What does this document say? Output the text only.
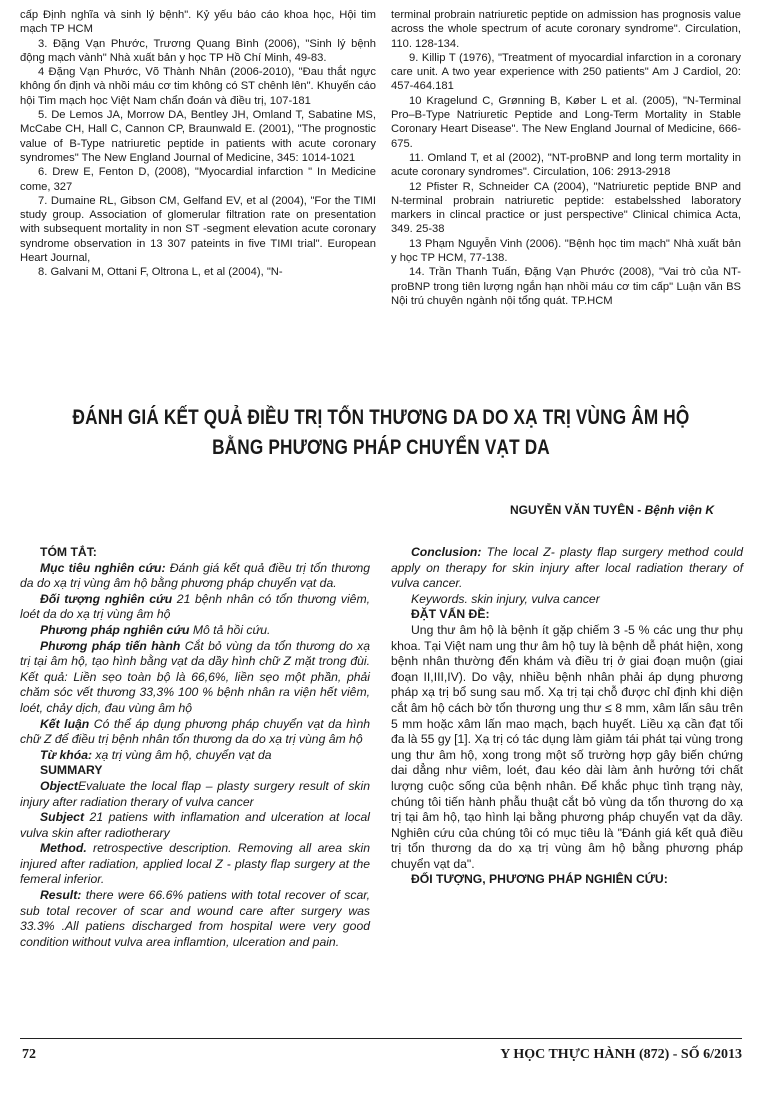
cấp Định nghĩa và sinh lý bệnh". Kỷ yếu báo cáo khoa học, Hội tim mạch TP HCM

3. Đặng Vạn Phước, Trương Quang Bình (2006), "Sinh lý bệnh động mạch vành" Nhà xuất bản y học TP Hồ Chí Minh, 49-83.

4 Đặng Vạn Phước, Võ Thành Nhân (2006-2010), "Đau thắt ngực không ổn định và nhồi máu cơ tim không có ST chênh lên". Khuyến cáo hội Tim mạch học Việt Nam chẩn đoán và điều trị, 107-181

5. De Lemos JA, Morrow DA, Bentley JH, Omland T, Sabatine MS, McCabe CH, Hall C, Cannon CP, Braunwald E. (2001), "The prognostic value of B-Type natriuretic peptide in patients with acute coronary syndromes" The New England Journal of Medicine, 345: 1014-1021

6. Drew E, Fenton D, (2008), "Myocardial infarction " In Medicine come, 327

7. Dumaine RL, Gibson CM, Gelfand EV, et al (2004), "For the TIMI study group. Association of glomerular filtration rate on presentation with subsequent mortality in non ST -segment elevation acute coronary syndrome observation in 13 307 pateints in five TIMI trial". European Heart Journal,

8. Galvani M, Ottani F, Oltrona L, et al (2004), "N-

terminal probrain natriuretic peptide on admission has prognosis value across the whole spectrum of acute coronary syndrome". Circulation, 110. 128-134.

9. Killip T (1976), "Treatment of myocardial infarction in a coronary care unit. A two year experience with 250 patients" Am J Cardiol, 20: 457-464.181

10 Kragelund C, Grønning B, Køber L et al. (2005), "N-Terminal Pro–B-Type Natriuretic Peptide and Long-Term Mortality in Stable Coronary Heart Disease". The New England Journal of Medicine, 666-675.

11. Omland T, et al (2002), "NT-proBNP and long term mortality in acute coronary syndromes". Circulation, 106: 2913-2918

12 Pfister R, Schneider CA (2004), "Natriuretic peptide BNP and N-terminal probrain natriuretic peptide: estabelsshed laboratory markers in clincal practice or just perspective" Clinical chimica Acta, 349. 25-38

13 Phạm Nguyễn Vinh (2006). "Bệnh học tim mạch" Nhà xuất bản y học TP HCM, 77-138.

14. Trần Thanh Tuấn, Đặng Vạn Phước (2008), "Vai trò của NT-proBNP trong tiên lượng ngắn hạn nhồi máu cơ tim cấp" Luận văn BS Nội trú chuyên ngành nội tổng quát. TP.HCM

ĐÁNH GIÁ KẾT QUẢ ĐIỀU TRỊ TỔN THƯƠNG DA DO XẠ TRỊ VÙNG ÂM HỘ
BẰNG PHƯƠNG PHÁP CHUYỂN VẠT DA
NGUYỄN VĂN TUYÊN - Bệnh viện K

TÓM TẮT:

Mục tiêu nghiên cứu: Đánh giá kết quả điều trị tổn thương da do xạ trị vùng âm hộ bằng phương pháp chuyển vạt da.

Đối tượng nghiên cứu 21 bệnh nhân có tổn thương viêm, loét da do xạ trị vùng âm hộ

Phương pháp nghiên cứu Mô tả hồi cứu.

Phương pháp tiến hành Cắt bỏ vùng da tổn thương do xạ trị tại âm hộ, tạo hình bằng vạt da dầy hình chữ Z mặt trong đùi. Kết quả: Liền sẹo toàn bộ là 66,6%, liền sẹo một phần, phải chăm sóc vết thương 33,3% 100 % bệnh nhân ra viện hết viêm, loét, chảy dịch, đau vùng âm hộ

Kết luận Có thể áp dụng phương pháp chuyển vạt da hình chữ Z để điều trị bệnh nhân tổn thương da do xạ trị vùng âm hộ

Từ khóa: xạ trị vùng âm hộ, chuyển vạt da

SUMMARY

ObjectEvaluate the local flap – plasty surgery result of skin injury after radiation therary of vulva cancer

Subject 21 patiens with inflamation and ulceration at local vulva skin after radiotherary

Method. retrospective description. Removing all area skin injured after radiation, applied local Z - plasty flap surgery at the femeral inferior.

Result: there were 66.6% patiens with total recover of scar, sub total recover of scar and wound care after surgery was 33.3% .All patiens discharged from hospital were very good condition without vulva area inflamtion, ulceration and pain.

Conclusion: The local Z- plasty flap surgery method could apply on therapy for skin injury after local radiation therary of vulva cancer.

Keywords. skin injury, vulva cancer

ĐẶT VẤN ĐỀ:

Ung thư âm hộ là bệnh ít gặp chiếm 3 -5 % các ung thư phụ khoa. Tại Việt nam ung thư âm hộ tuy là bệnh dễ phát hiện, xong bệnh nhân thường đến khám và điều trị ở giai đoạn muộn (giai đoạn II,III,IV). Do vậy, nhiều bệnh nhân phải áp dụng phương pháp xạ trị bổ sung sau mổ. Xạ trị tại chỗ được chỉ định khi diện cắt âm hộ cách bờ tổn thương ung thư ≤ 8 mm, xâm lấn sâu trên 5 mm hoặc xâm lấn mao mạch, bạch huyết. Liều xạ cần đạt tối đa là 55 gy [1]. Xạ trị có tác dụng làm giảm tái phát tại vùng trong ung thư âm hộ, xong trong một số trường hợp gây biến chứng dai dẳng như viêm, loét, đau kéo dài làm ảnh hưởng tới chất lượng cuộc sống của bệnh nhân. Để khắc phục tình trạng này, chúng tôi tiến hành phẫu thuật cắt bỏ vùng da tổn thương do xạ trị tại âm hộ, tạo hình lại bằng phương pháp chuyển vạt da dầy. Nghiên cứu của chúng tôi có mục tiêu là "Đánh giá kết quả điều trị tổn thương da do xạ trị vùng âm hộ bằng phương pháp chuyển vạt da".

ĐỐI TƯỢNG, PHƯƠNG PHÁP NGHIÊN CỨU:

72	Y HỌC THỰC HÀNH (872) - SỐ 6/2013
